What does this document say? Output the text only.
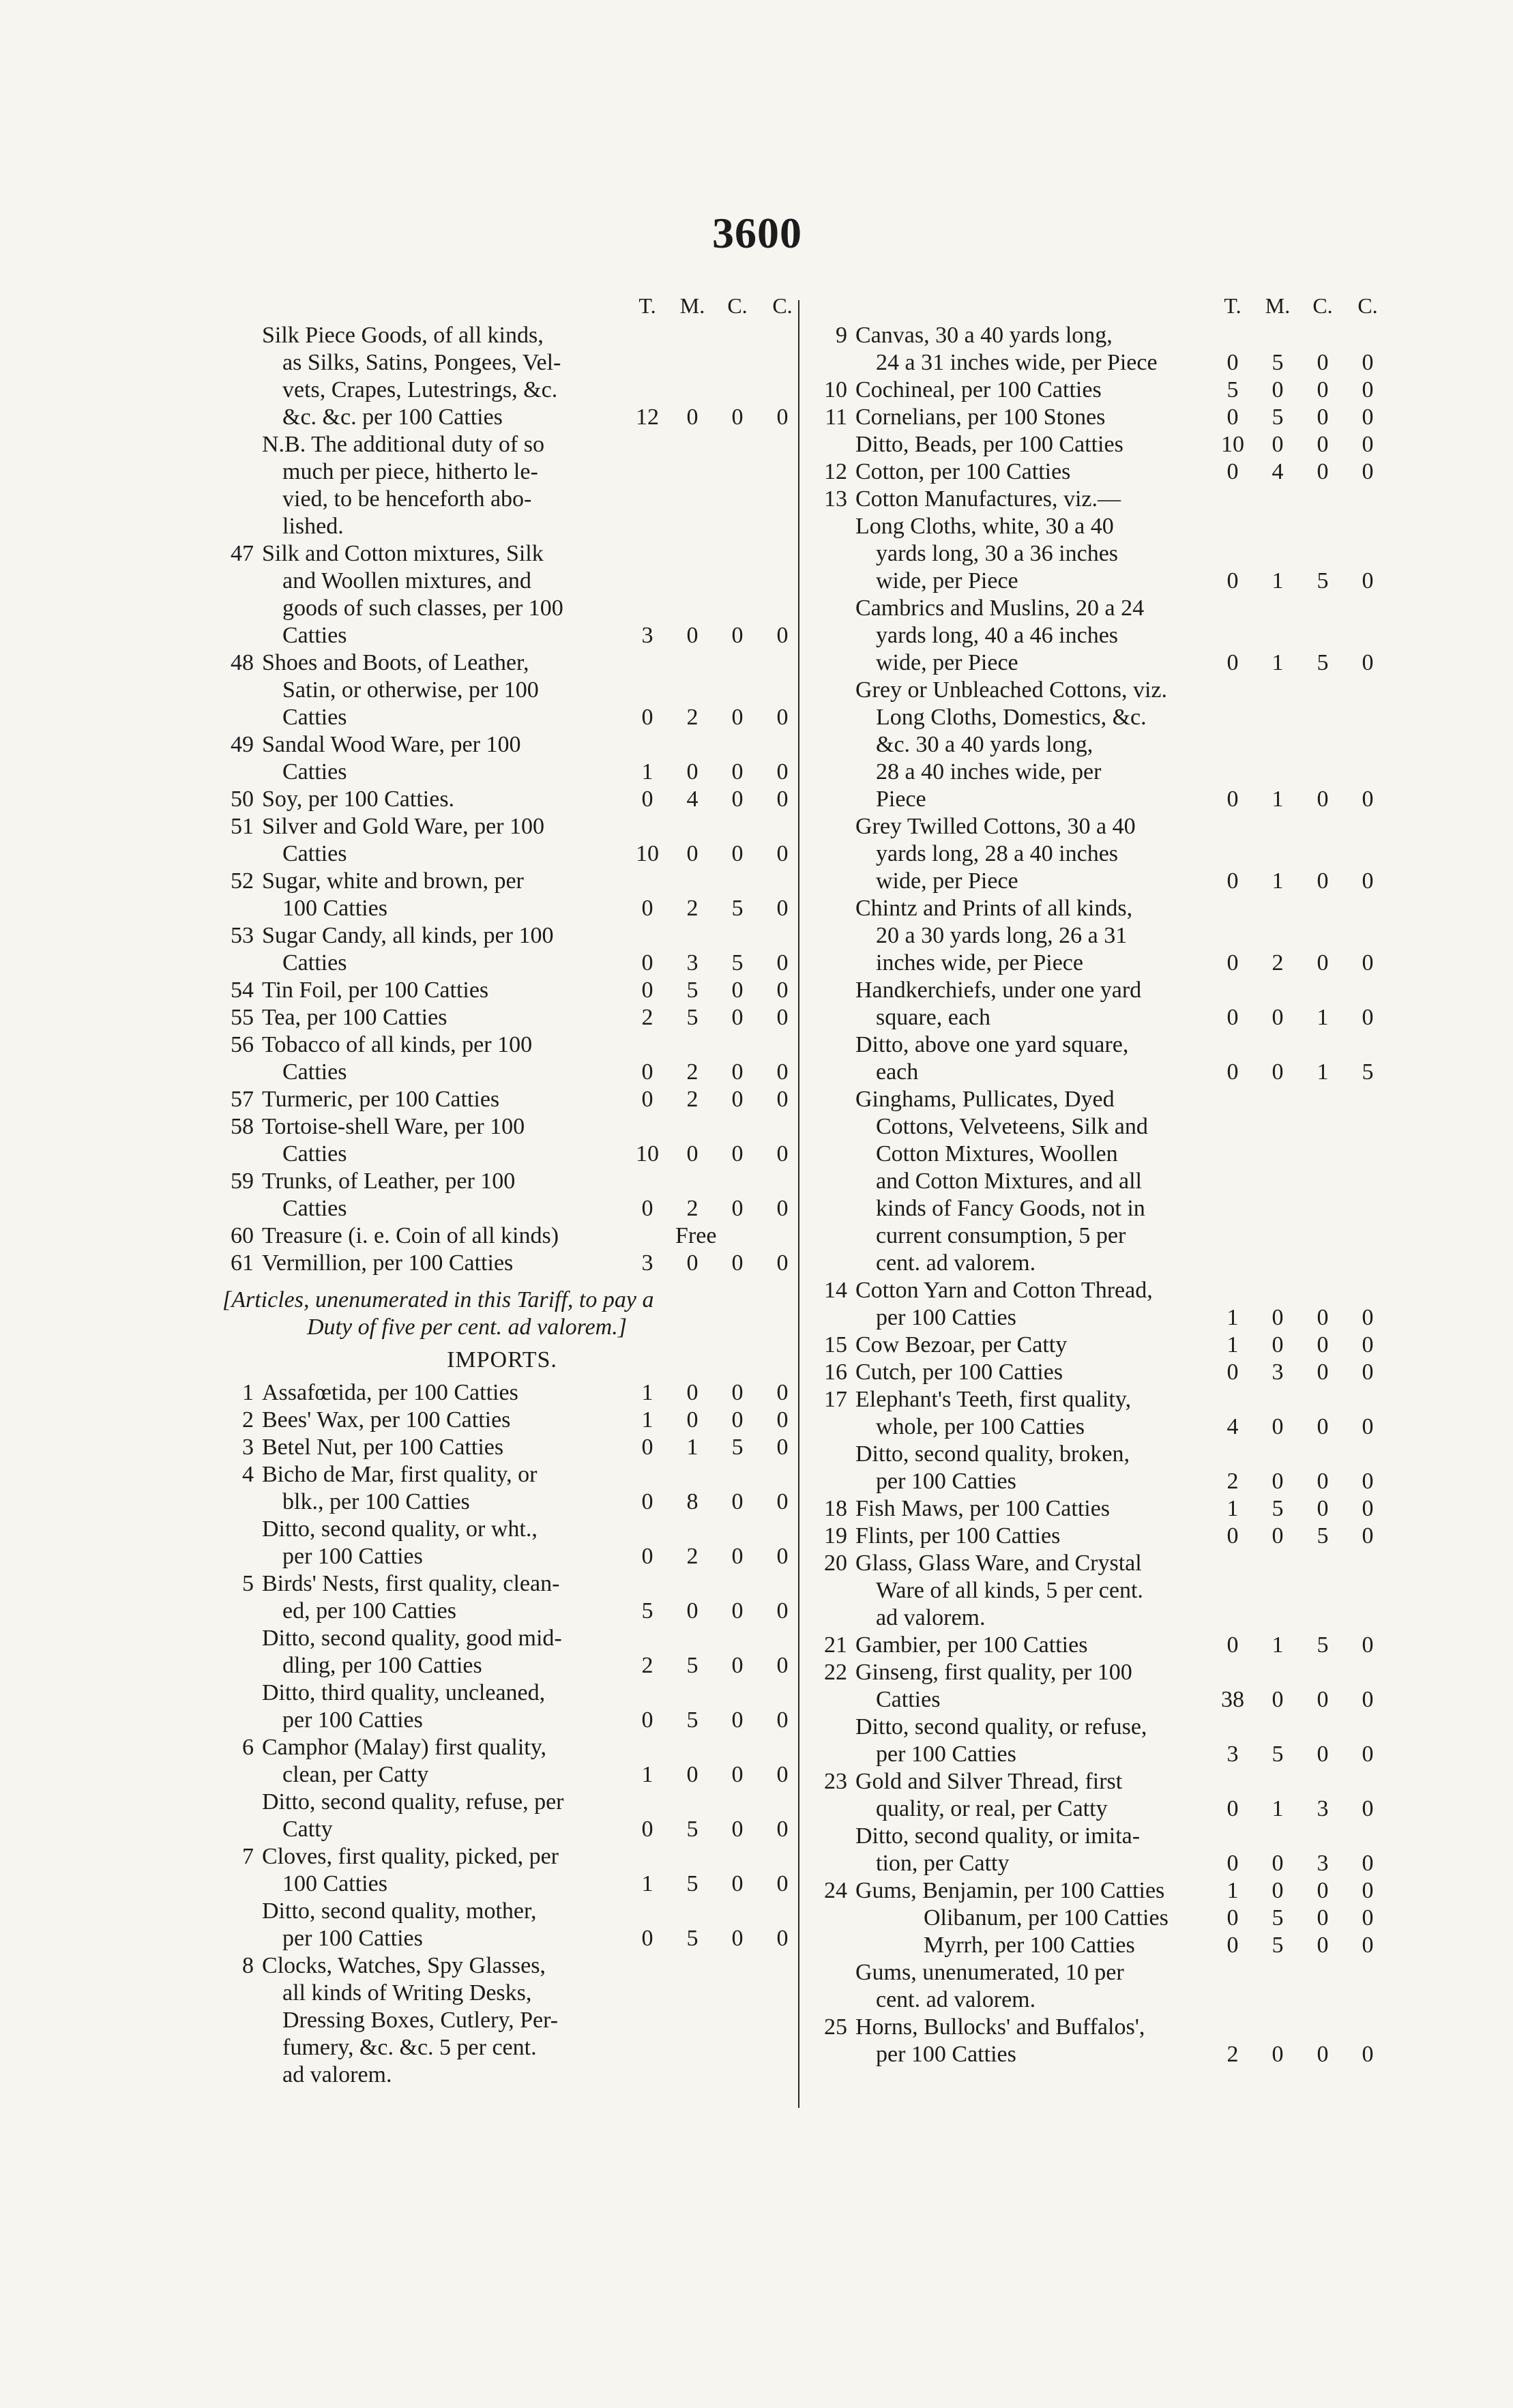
3600
T.	M.	C.	C.
Silk Piece Goods, of all kinds,
as Silks, Satins, Pongees, Vel-
vets, Crapes, Lutestrings, &c.
&c. &c. per 100 Catties	12	0	0	0
N.B. The additional duty of so
much per piece, hitherto le-
vied, to be henceforth abo-
lished.
47 Silk and Cotton mixtures, Silk
and Woollen mixtures, and
goods of such classes, per 100
Catties	3	0	0	0
48 Shoes and Boots, of Leather,
Satin, or otherwise, per 100
Catties	0	2	0	0
49 Sandal Wood Ware, per 100
Catties	1	0	0	0
50 Soy, per 100 Catties.	0	4	0	0
51 Silver and Gold Ware, per 100
Catties	10	0	0	0
52 Sugar, white and brown, per
100 Catties	0	2	5	0
53 Sugar Candy, all kinds, per 100
Catties	0	3	5	0
54 Tin Foil, per 100 Catties	0	5	0	0
55 Tea, per 100 Catties	2	5	0	0
56 Tobacco of all kinds, per 100
Catties	0	2	0	0
57 Turmeric, per 100 Catties	0	2	0	0
58 Tortoise-shell Ware, per 100
Catties	10	0	0	0
59 Trunks, of Leather, per 100
Catties	0	2	0	0
60 Treasure (i. e. Coin of all kinds)	Free
61 Vermillion, per 100 Catties	3	0	0	0
[Articles, unenumerated in this Tariff, to pay a
Duty of five per cent. ad valorem.]
IMPORTS.
1 Assafœtida, per 100 Catties	1	0	0	0
2 Bees' Wax, per 100 Catties	1	0	0	0
3 Betel Nut, per 100 Catties	0	1	5	0
4 Bicho de Mar, first quality, or
blk., per 100 Catties	0	8	0	0
Ditto, second quality, or wht.,
per 100 Catties	0	2	0	0
5 Birds' Nests, first quality, clean-
ed, per 100 Catties	5	0	0	0
Ditto, second quality, good mid-
dling, per 100 Catties	2	5	0	0
Ditto, third quality, uncleaned,
per 100 Catties	0	5	0	0
6 Camphor (Malay) first quality,
clean, per Catty	1	0	0	0
Ditto, second quality, refuse, per
Catty	0	5	0	0
7 Cloves, first quality, picked, per
100 Catties	1	5	0	0
Ditto, second quality, mother,
per 100 Catties	0	5	0	0
8 Clocks, Watches, Spy Glasses,
all kinds of Writing Desks,
Dressing Boxes, Cutlery, Per-
fumery, &c. &c. 5 per cent.
ad valorem.
T.	M.	C.	C.
9 Canvas, 30 a 40 yards long,
24 a 31 inches wide, per Piece	0	5	0	0
10 Cochineal, per 100 Catties	5	0	0	0
11 Cornelians, per 100 Stones	0	5	0	0
Ditto, Beads, per 100 Catties	10	0	0	0
12 Cotton, per 100 Catties	0	4	0	0
13 Cotton Manufactures, viz.—
Long Cloths, white, 30 a 40
yards long, 30 a 36 inches
wide, per Piece	0	1	5	0
Cambrics and Muslins, 20 a 24
yards long, 40 a 46 inches
wide, per Piece	0	1	5	0
Grey or Unbleached Cottons, viz.
Long Cloths, Domestics, &c.
&c. 30 a 40 yards long,
28 a 40 inches wide, per
Piece	0	1	0	0
Grey Twilled Cottons, 30 a 40
yards long, 28 a 40 inches
wide, per Piece	0	1	0	0
Chintz and Prints of all kinds,
20 a 30 yards long, 26 a 31
inches wide, per Piece	0	2	0	0
Handkerchiefs, under one yard
square, each	0	0	1	0
Ditto, above one yard square,
each	0	0	1	5
Ginghams, Pullicates, Dyed
Cottons, Velveteens, Silk and
Cotton Mixtures, Woollen
and Cotton Mixtures, and all
kinds of Fancy Goods, not in
current consumption, 5 per
cent. ad valorem.
14 Cotton Yarn and Cotton Thread,
per 100 Catties	1	0	0	0
15 Cow Bezoar, per Catty	1	0	0	0
16 Cutch, per 100 Catties	0	3	0	0
17 Elephant's Teeth, first quality,
whole, per 100 Catties	4	0	0	0
Ditto, second quality, broken,
per 100 Catties	2	0	0	0
18 Fish Maws, per 100 Catties	1	5	0	0
19 Flints, per 100 Catties	0	0	5	0
20 Glass, Glass Ware, and Crystal
Ware of all kinds, 5 per cent.
ad valorem.
21 Gambier, per 100 Catties	0	1	5	0
22 Ginseng, first quality, per 100
Catties	38	0	0	0
Ditto, second quality, or refuse,
per 100 Catties	3	5	0	0
23 Gold and Silver Thread, first
quality, or real, per Catty	0	1	3	0
Ditto, second quality, or imita-
tion, per Catty	0	0	3	0
24 Gums, Benjamin, per 100 Catties	1	0	0	0
Olibanum, per 100 Catties	0	5	0	0
Myrrh, per 100 Catties	0	5	0	0
Gums, unenumerated, 10 per
cent. ad valorem.
25 Horns, Bullocks' and Buffalos',
per 100 Catties	2	0	0	0
